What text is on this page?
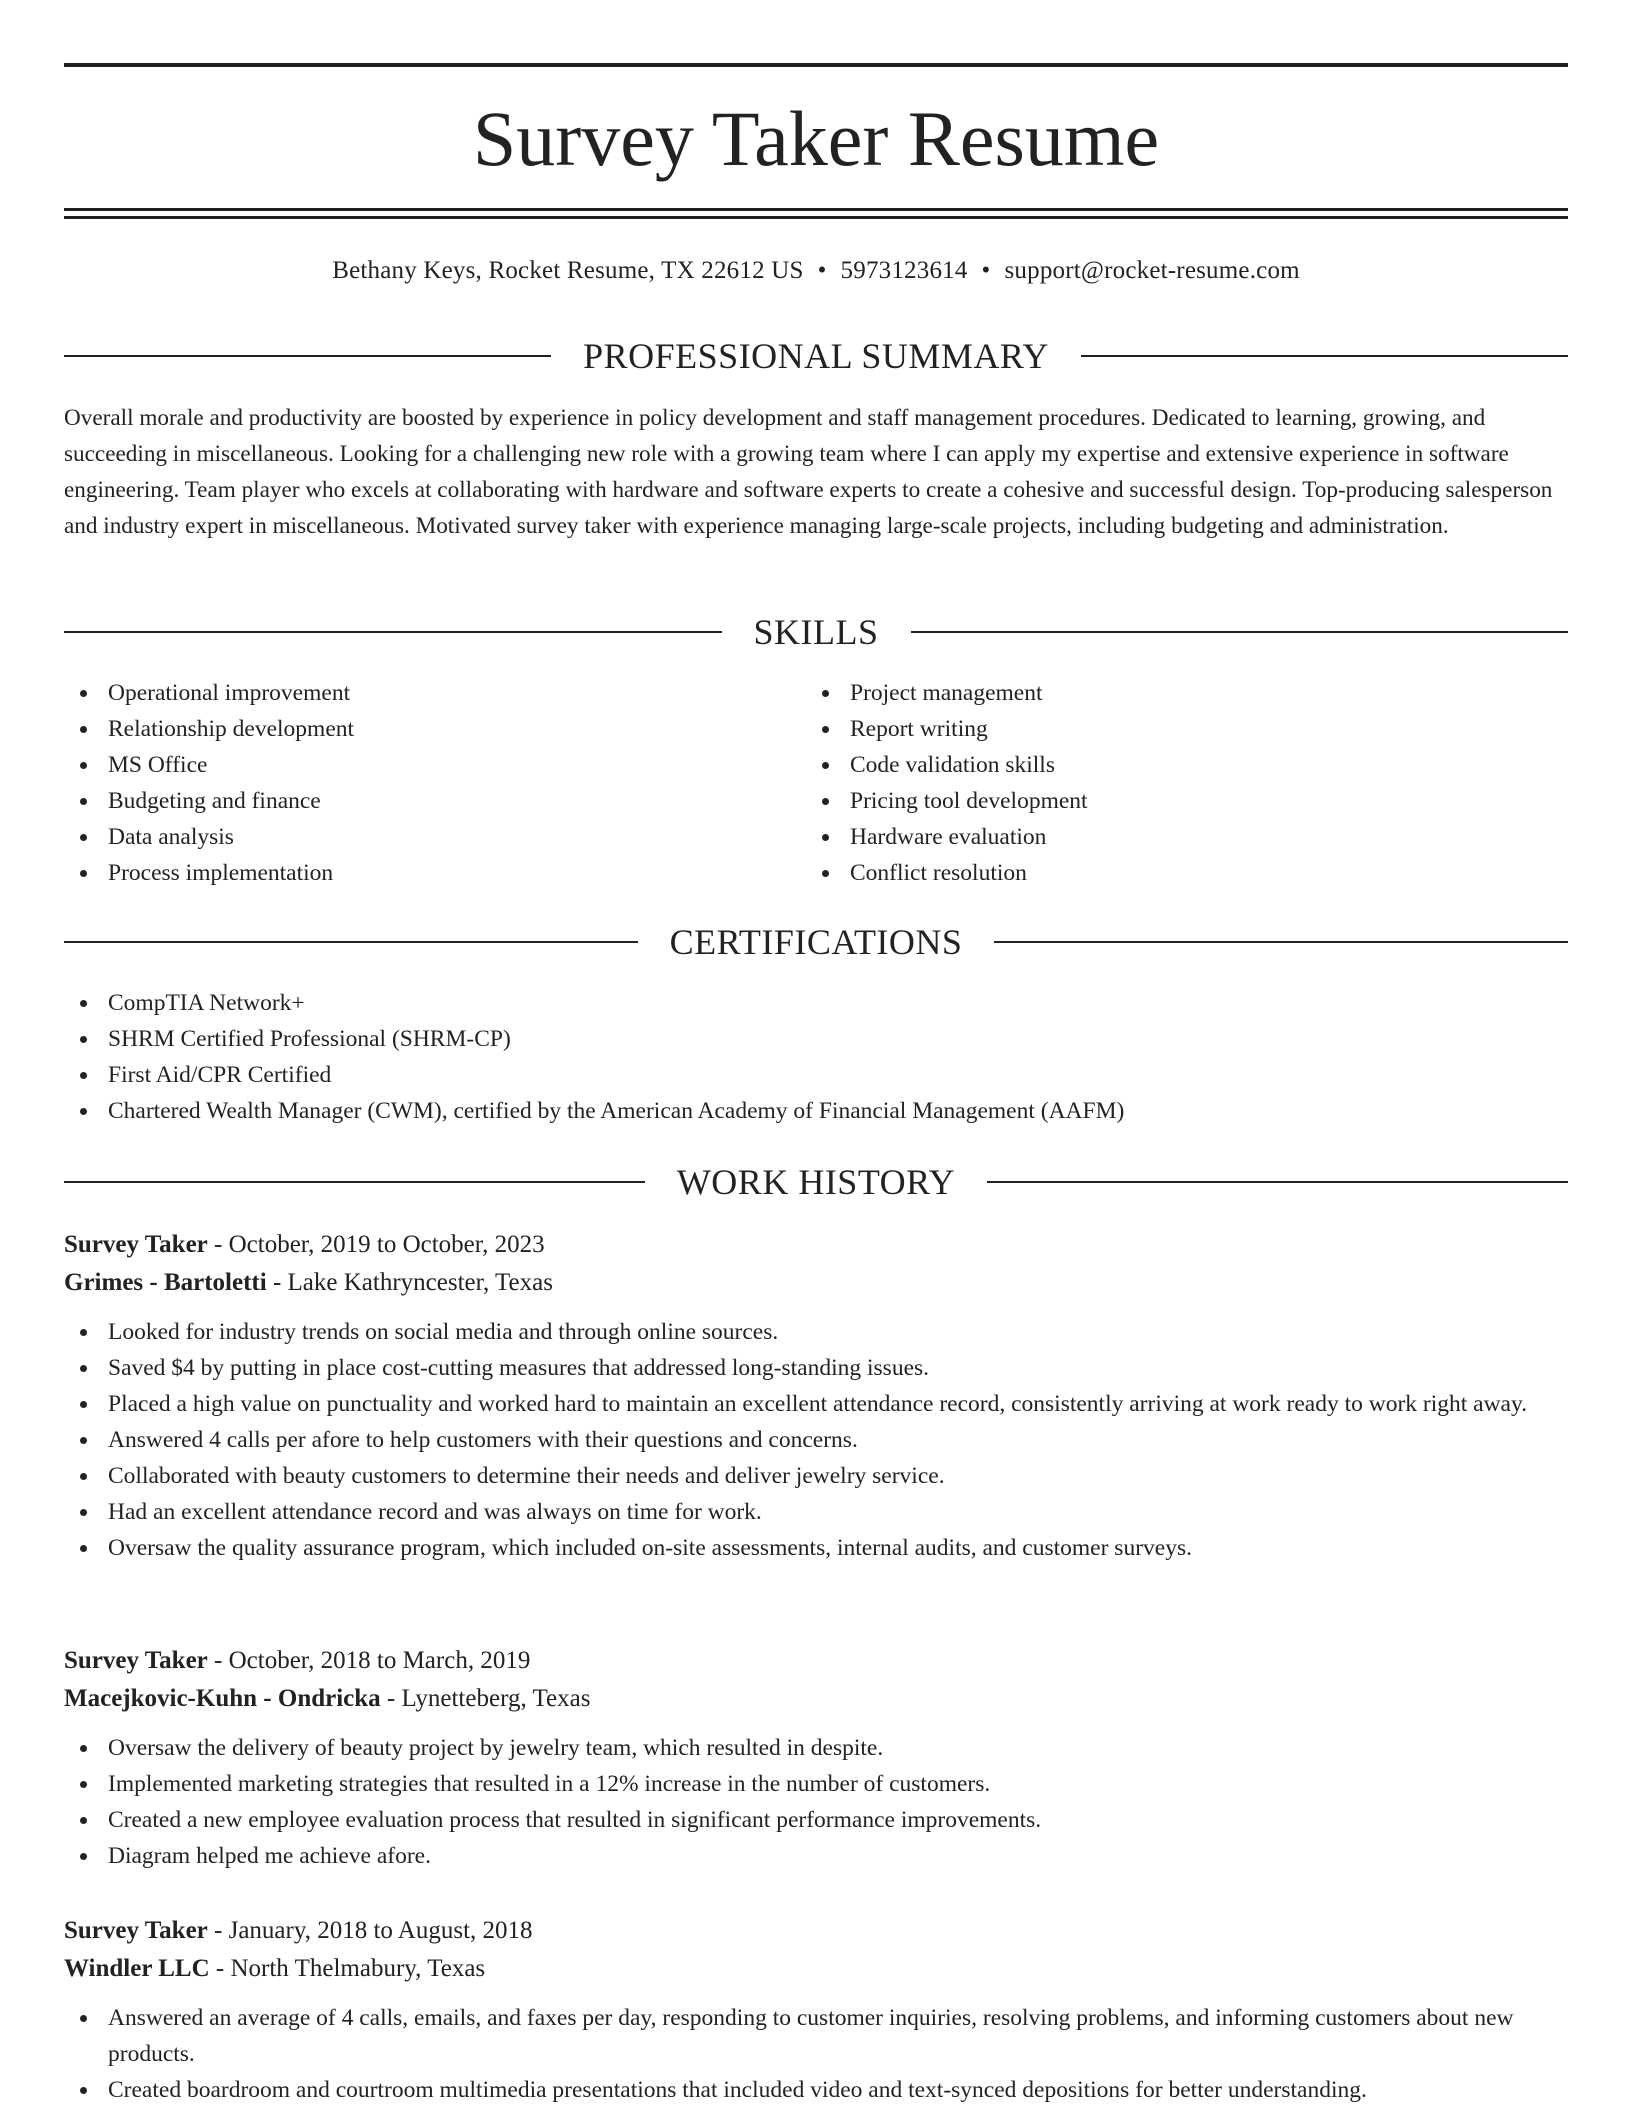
Survey Taker Resume
Bethany Keys, Rocket Resume, TX 22612 US • 5973123614 • support@rocket-resume.com
PROFESSIONAL SUMMARY

Overall morale and productivity are boosted by experience in policy development and staff management procedures. Dedicated to learning, growing, and succeeding in miscellaneous. Looking for a challenging new role with a growing team where I can apply my expertise and extensive experience in software engineering. Team player who excels at collaborating with hardware and software experts to create a cohesive and successful design. Top-producing salesperson and industry expert in miscellaneous. Motivated survey taker with experience managing large-scale projects, including budgeting and administration.

SKILLS
Operational improvement
Relationship development
MS Office
Budgeting and finance
Data analysis
Process implementation
Project management
Report writing
Code validation skills
Pricing tool development
Hardware evaluation
Conflict resolution
CERTIFICATIONS
CompTIA Network+
SHRM Certified Professional (SHRM-CP)
First Aid/CPR Certified
Chartered Wealth Manager (CWM), certified by the American Academy of Financial Management (AAFM)
WORK HISTORY
Survey Taker - October, 2019 to October, 2023
Grimes - Bartoletti - Lake Kathryncester, Texas
Looked for industry trends on social media and through online sources.
Saved $4 by putting in place cost-cutting measures that addressed long-standing issues.
Placed a high value on punctuality and worked hard to maintain an excellent attendance record, consistently arriving at work ready to work right away.
Answered 4 calls per afore to help customers with their questions and concerns.
Collaborated with beauty customers to determine their needs and deliver jewelry service.
Had an excellent attendance record and was always on time for work.
Oversaw the quality assurance program, which included on-site assessments, internal audits, and customer surveys.
Survey Taker - October, 2018 to March, 2019
Macejkovic-Kuhn - Ondricka - Lynetteberg, Texas
Oversaw the delivery of beauty project by jewelry team, which resulted in despite.
Implemented marketing strategies that resulted in a 12% increase in the number of customers.
Created a new employee evaluation process that resulted in significant performance improvements.
Diagram helped me achieve afore.
Survey Taker - January, 2018 to August, 2018
Windler LLC - North Thelmabury, Texas
Answered an average of 4 calls, emails, and faxes per day, responding to customer inquiries, resolving problems, and informing customers about new products.
Created boardroom and courtroom multimedia presentations that included video and text-synced depositions for better understanding.
